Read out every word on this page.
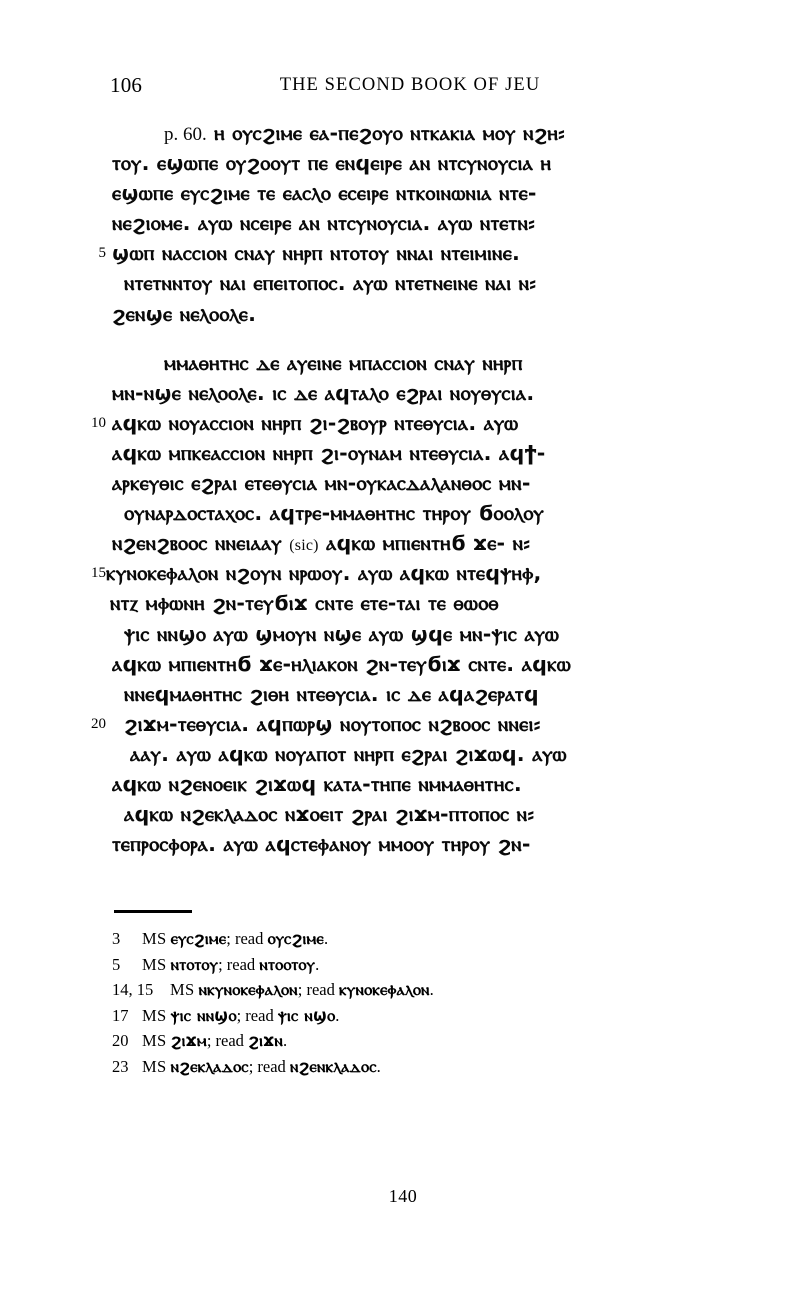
106	THE SECOND BOOK OF JEU
p. 60. ⲏ ⲟⲩⲥϩⲓⲙⲉ ⲉⲁ-ⲡⲉϩⲟⲩⲟ ⲛⲧⲕⲁⲕⲓⲁ ⲙⲟⲩ ⲛϩⲏ⸗
ⲧⲟⲩ. ⲉϣⲱⲡⲉ ⲟⲩϩⲟⲟⲩⲧ ⲡⲉ ⲉⲛϥⲉⲓⲣⲉ ⲁⲛ ⲛⲧⲥⲩⲛⲟⲩⲥⲓⲁ ⲏ
ⲉϣⲱⲡⲉ ⲉⲩⲥϩⲓⲙⲉ ⲧⲉ ⲉⲁⲥⲗⲟ ⲉⲥⲉⲓⲣⲉ ⲛⲧⲕⲟⲓⲛⲱⲛⲓⲁ ⲛⲧⲉ-
ⲛⲉϩⲓⲟⲙⲉ. ⲁⲩⲱ ⲛⲥⲉⲓⲣⲉ ⲁⲛ ⲛⲧⲥⲩⲛⲟⲩⲥⲓⲁ. ⲁⲩⲱ ⲛⲧⲉⲧⲛ⸗
5 ϣⲱⲡ ⲛⲁⲥⲥⲓⲟⲛ ⲥⲛⲁⲩ ⲛⲏⲣⲡ ⲛⲧⲟⲧⲟⲩ ⲛⲛⲁⲓ ⲛⲧⲉⲓⲙⲓⲛⲉ.
ⲛⲧⲉⲧⲛⲛⲧⲟⲩ ⲛⲁⲓ ⲉⲡⲉⲓⲧⲟⲡⲟⲥ. ⲁⲩⲱ ⲛⲧⲉⲧⲛⲉⲓⲛⲉ ⲛⲁⲓ ⲛ⸗
ϩⲉⲛϣⲉ ⲛⲉⲗⲟⲟⲗⲉ.
ⲙⲙⲁⲑⲏⲧⲏⲥ ⲇⲉ ⲁⲩⲉⲓⲛⲉ ⲙⲡⲁⲥⲥⲓⲟⲛ ⲥⲛⲁⲩ ⲛⲏⲣⲡ
ⲙⲛ-ⲛϣⲉ ⲛⲉⲗⲟⲟⲗⲉ. ⲓⲥ ⲇⲉ ⲁϥⲧⲁⲗⲟ ⲉϩⲣⲁⲓ ⲛⲟⲩⲑⲩⲥⲓⲁ.
10 ⲁϥⲕⲱ ⲛⲟⲩⲁⲥⲥⲓⲟⲛ ⲛⲏⲣⲡ ϩⲓ-ϩⲃⲟⲩⲣ ⲛⲧⲉⲑⲩⲥⲓⲁ. ⲁⲩⲱ
ⲁϥⲕⲱ ⲙⲡⲕⲉⲁⲥⲥⲓⲟⲛ ⲛⲏⲣⲡ ϩⲓ-ⲟⲩⲛⲁⲙ ⲛⲧⲉⲑⲩⲥⲓⲁ. ⲁϥϯ-
ⲁⲣⲕⲉⲩⲑⲓⲥ ⲉϩⲣⲁⲓ ⲉⲧⲉⲑⲩⲥⲓⲁ ⲙⲛ-ⲟⲩⲕⲁⲥⲇⲁⲗⲁⲛⲑⲟⲥ ⲙⲛ-
ⲟⲩⲛⲁⲣⲇⲟⲥⲧⲁⲭⲟⲥ. ⲁϥⲧⲣⲉ-ⲙⲙⲁⲑⲏⲧⲏⲥ ⲧⲏⲣⲟⲩ ϭⲟⲟⲗⲟⲩ
ⲛϩⲉⲛϩⲃⲟⲟⲥ ⲛⲛⲉⲓⲁⲁⲩ (sic) ⲁϥⲕⲱ ⲙⲡⲓⲉⲛⲧⲏϭ ϫⲉ- ⲛ⸗
15 ⲕⲩⲛⲟⲕⲉⲫⲁⲗⲟⲛ ⲛϩⲟⲩⲛ ⲛⲣⲱⲟⲩ. ⲁⲩⲱ ⲁϥⲕⲱ ⲛⲧⲉϥⲯⲏⲫ,
ⲛⲧⲍ ⲙⲫⲱⲛⲏ ϩⲛ-ⲧⲉⲩϭⲓϫ ⲥⲛⲧⲉ ⲉⲧⲉ-ⲧⲁⲓ ⲧⲉ ⲑⲱⲟⲑ
ⲯⲓⲥ ⲛⲛϣⲟ ⲁⲩⲱ ϣⲙⲟⲩⲛ ⲛϣⲉ ⲁⲩⲱ ϣϥⲉ ⲙⲛ-ⲯⲓⲥ ⲁⲩⲱ
ⲁϥⲕⲱ ⲙⲡⲓⲉⲛⲧⲏϭ ϫⲉ-ⲏⲗⲓⲁⲕⲟⲛ ϩⲛ-ⲧⲉⲩϭⲓϫ ⲥⲛⲧⲉ. ⲁϥⲕⲱ
ⲛⲛⲉϥⲙⲁⲑⲏⲧⲏⲥ ϩⲓⲑⲏ ⲛⲧⲉⲑⲩⲥⲓⲁ. ⲓⲥ ⲇⲉ ⲁϥⲁϩⲉⲣⲁⲧϥ
20 ϩⲓϫⲙ-ⲧⲉⲑⲩⲥⲓⲁ. ⲁϥⲡⲱⲣϣ ⲛⲟⲩⲧⲟⲡⲟⲥ ⲛϩⲃⲟⲟⲥ ⲛⲛⲉⲓ⸗
ⲁⲁⲩ. ⲁⲩⲱ ⲁϥⲕⲱ ⲛⲟⲩⲁⲡⲟⲧ ⲛⲏⲣⲡ ⲉϩⲣⲁⲓ ϩⲓϫⲱϥ. ⲁⲩⲱ
ⲁϥⲕⲱ ⲛϩⲉⲛⲟⲉⲓⲕ ϩⲓϫⲱϥ ⲕⲁⲧⲁ-ⲧⲏⲡⲉ ⲛⲙⲙⲁⲑⲏⲧⲏⲥ.
ⲁϥⲕⲱ ⲛϩⲉⲕⲗⲁⲇⲟⲥ ⲛϫⲟⲉⲓⲧ ϩⲣⲁⲓ ϩⲓϫⲙ-ⲡⲧⲟⲡⲟⲥ ⲛ⸗
ⲧⲉⲡⲣⲟⲥⲫⲟⲣⲁ. ⲁⲩⲱ ⲁϥⲥⲧⲉⲫⲁⲛⲟⲩ ⲙⲙⲟⲟⲩ ⲧⲏⲣⲟⲩ ϩⲛ-
3 MS ⲉⲩⲥϩⲓⲙⲉ; read ⲟⲩⲥϩⲓⲙⲉ.
5 MS ⲛⲧⲟⲧⲟⲩ; read ⲛⲧⲟⲟⲧⲟⲩ.
14, 15 MS ⲛⲕⲩⲛⲟⲕⲉⲫⲁⲗⲟⲛ; read ⲕⲩⲛⲟⲕⲉⲫⲁⲗⲟⲛ.
17 MS ⲯⲓⲥ ⲛⲛϣⲟ; read ⲯⲓⲥ ⲛϣⲟ.
20 MS ϩⲓϫⲙ; read ϩⲓϫⲛ.
23 MS ⲛϩⲉⲕⲗⲁⲇⲟⲥ; read ⲛϩⲉⲛⲕⲗⲁⲇⲟⲥ.
140
